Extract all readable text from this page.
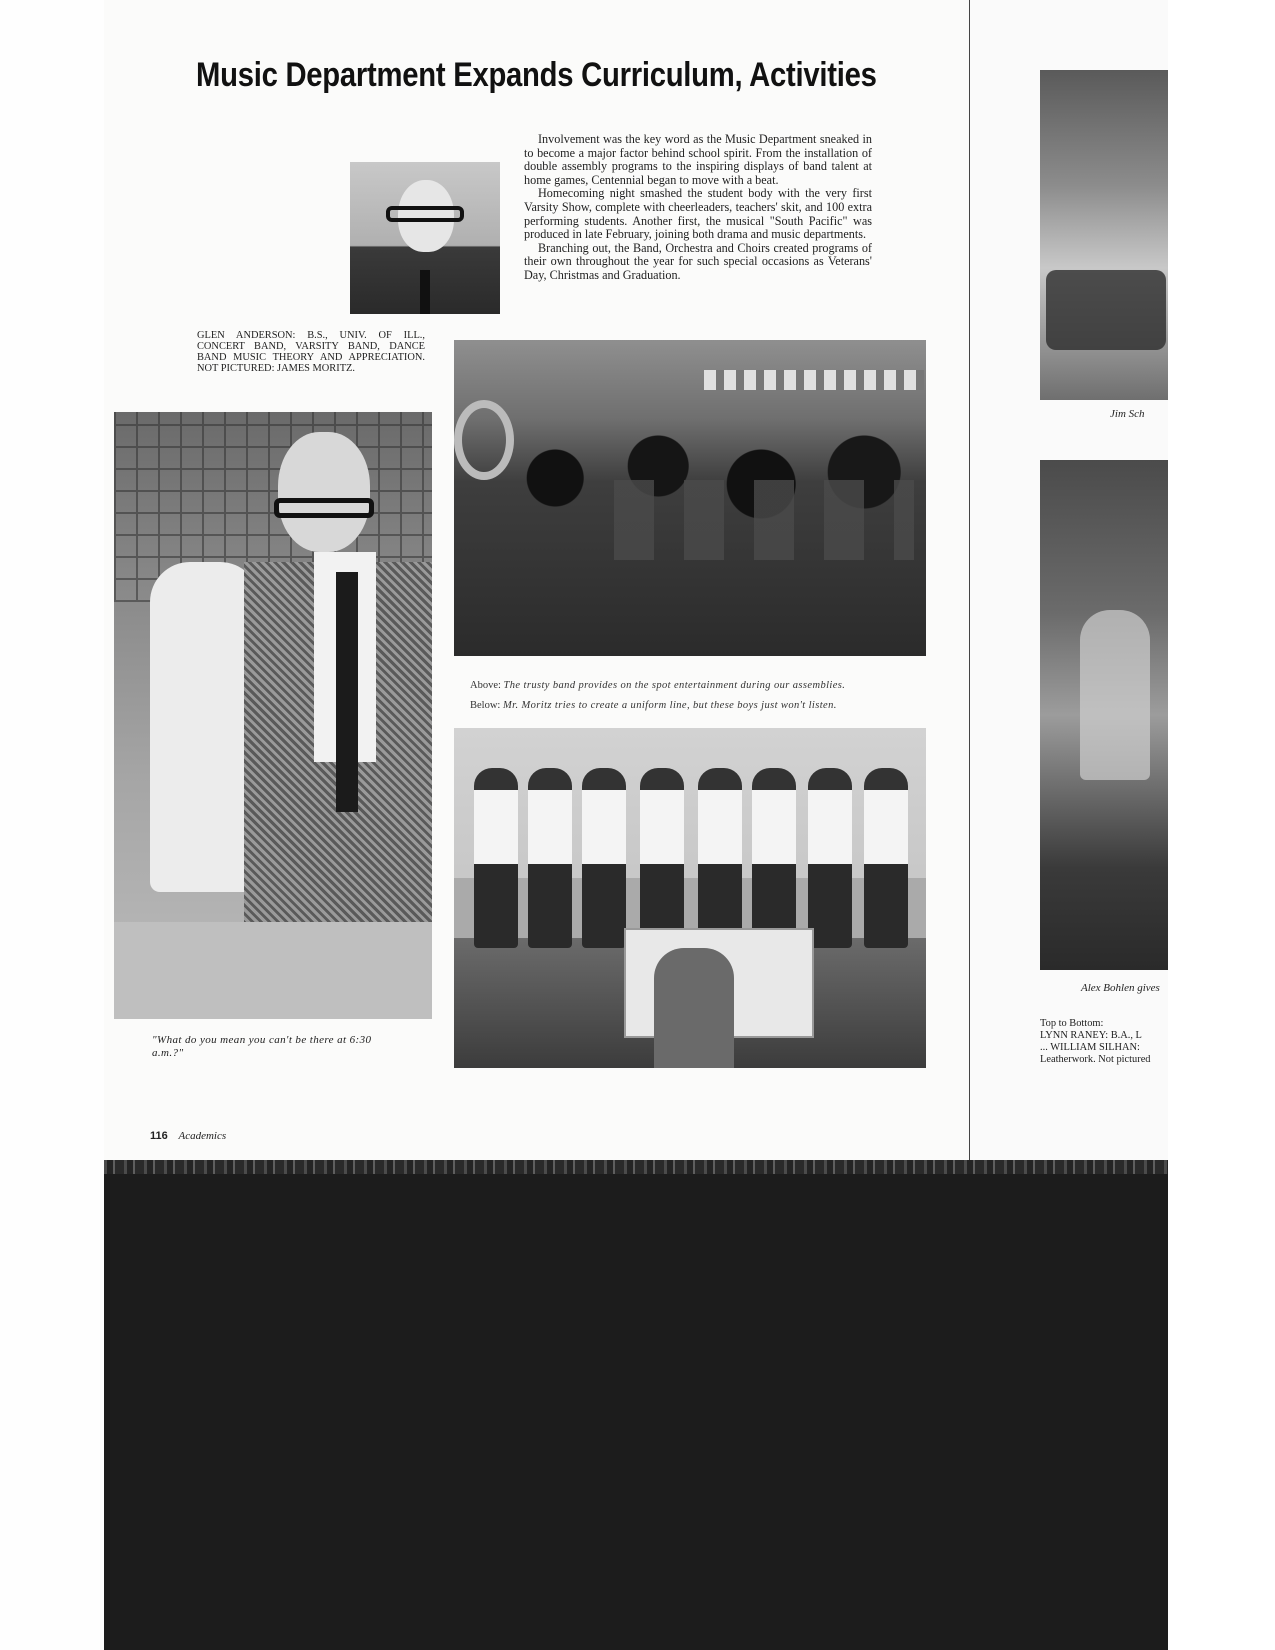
Music Department Expands Curriculum, Activities

Involvement was the key word as the Music Department sneaked in to become a major factor behind school spirit. From the installation of double assembly programs to the inspiring displays of band talent at home games, Centennial began to move with a beat.

Homecoming night smashed the student body with the very first Varsity Show, complete with cheerleaders, teachers' skit, and 100 extra performing students. Another first, the musical "South Pacific" was produced in late February, joining both drama and music departments.

Branching out, the Band, Orchestra and Choirs created programs of their own throughout the year for such special occasions as Veterans' Day, Christmas and Graduation.

GLEN ANDERSON: B.S., UNIV. OF ILL., CONCERT BAND, VARSITY BAND, DANCE BAND MUSIC THEORY AND APPRECIATION. NOT PICTURED: JAMES MORITZ.
"What do you mean you can't be there at 6:30 a.m.?"
Above: The trusty band provides on the spot entertainment during our assemblies.
Below: Mr. Moritz tries to create a uniform line, but these boys just won't listen.
116 Academics
Jim Sch
Alex Bohlen gives
Top to Bottom:
LYNN RANEY: B.A., L
... WILLIAM SILHAN:
Leatherwork. Not pictured
